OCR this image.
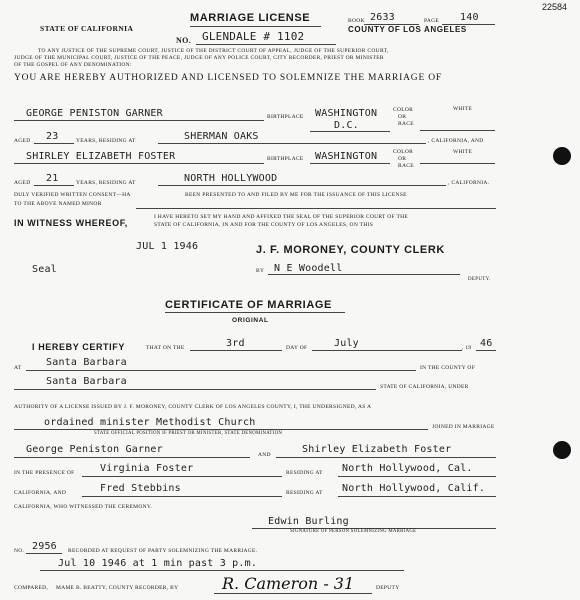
22584
STATE OF CALIFORNIA
MARRIAGE LICENSE	BOOK 2633	PAGE 140
COUNTY OF LOS ANGELES
NO. GLENDALE # 1102
TO ANY JUSTICE OF THE SUPREME COURT, JUSTICE OF THE DISTRICT COURT OF APPEAL, JUDGE OF THE SUPERIOR COURT,
JUDGE OF THE MUNICIPAL COURT, JUSTICE OF THE PEACE, JUDGE OF ANY POLICE COURT, CITY RECORDER, PRIEST OR MINISTER
OF THE GOSPEL OF ANY DENOMINATION:
YOU ARE HEREBY AUTHORIZED AND LICENSED TO SOLEMNIZE THE MARRIAGE OF
GEORGE PENISTON GARNER	BIRTHPLACE WASHINGTON
D.C.
COLOR
OR
RACE
WHITE
AGED 23	YEARS, RESIDING AT	SHERMAN OAKS	, CALIFORNIA, AND
SHIRLEY ELIZABETH FOSTER	BIRTHPLACE WASHINGTON	COLOR
OR
RACE
WHITE
AGED 21	YEARS, RESIDING AT	NORTH HOLLYWOOD	, CALIFORNIA.
DULY VERIFIED WRITTEN CONSENT—HA	BEEN PRESENTED TO AND FILED BY ME FOR THE ISSUANCE OF THIS LICENSE
TO THE ABOVE NAMED MINOR
IN WITNESS WHEREOF,
I HAVE HERETO SET MY HAND AND AFFIXED THE SEAL OF THE SUPERIOR COURT OF THE
STATE OF CALIFORNIA, IN AND FOR THE COUNTY OF LOS ANGELES, ON THIS
JUL 1 1946	J. F. MORONEY, COUNTY CLERK
Seal	BY N E Woodell
DEPUTY.
CERTIFICATE OF MARRIAGE
ORIGINAL
I HEREBY CERTIFY	THAT ON THE	3rd	DAY OF	July	, 19 46
AT Santa Barbara	IN THE COUNTY OF
Santa Barbara	STATE OF CALIFORNIA, UNDER
AUTHORITY OF A LICENSE ISSUED BY J. F. MORONEY, COUNTY CLERK OF LOS ANGELES COUNTY, I, THE UNDERSIGNED, AS A
ordained minister Methodist Church	JOINED IN MARRIAGE
STATE OFFICIAL POSITION IF PRIEST OR MINISTER, STATE DENOMINATION
George Peniston Garner	AND	Shirley Elizabeth Foster
IN THE PRESENCE OF	Virginia Foster	RESIDING AT North Hollywood, Cal.
CALIFORNIA, AND	Fred Stebbins	RESIDING AT North Hollywood, Calif.
CALIFORNIA, WHO WITNESSED THE CEREMONY.
Edwin Burling
SIGNATURE OF PERSON SOLEMNIZING MARRIAGE
NO. 2956 RECORDED AT REQUEST OF PARTY SOLEMNIZING THE MARRIAGE.
Jul 10 1946 at 1 min past 3 p.m.
COMPARED, MAME B. BEATTY, COUNTY RECORDER, BY	R. Cameron - 31	DEPUTY
